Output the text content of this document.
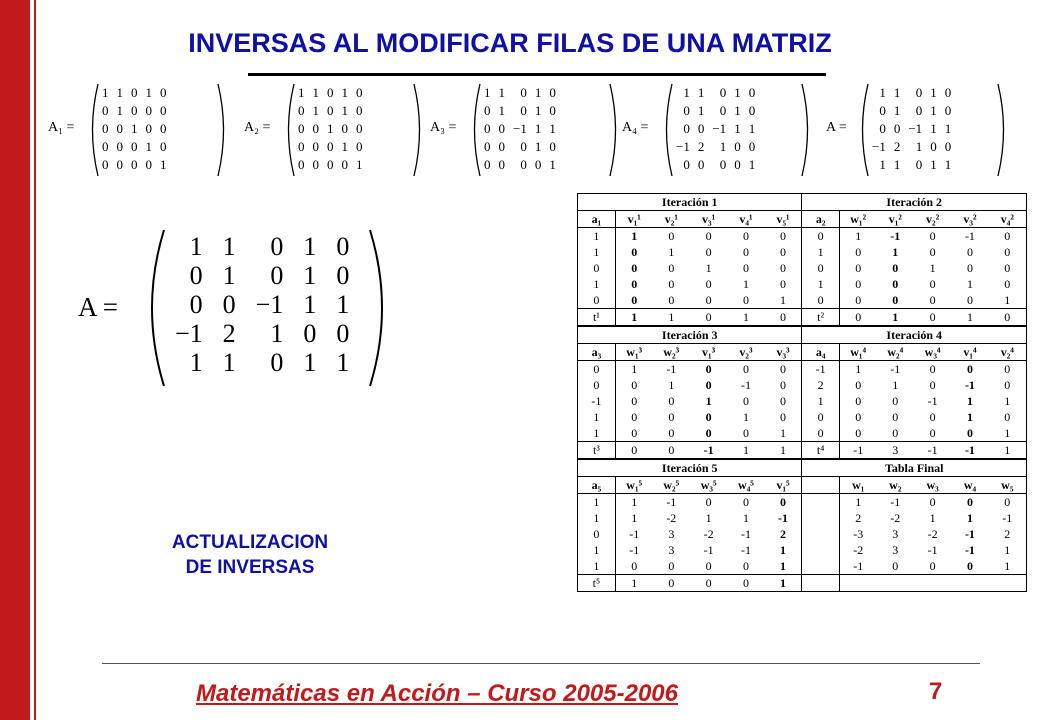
INVERSAS AL MODIFICAR FILAS DE UNA MATRIZ
A₁ =
1	1	0	1	0
0	1	0	0	0
0	0	1	0	0
0	0	0	1	0
0	0	0	0	1
A₂ =
1	1	0	1	0
0	1	0	1	0
0	0	1	0	0
0	0	0	1	0
0	0	0	0	1
A₃ =
1	1	0	1	0
0	1	0	1	0
0	0	−1	1	1
0	0	0	1	0
0	0	0	0	1
A₄ =
1	1	0	1	0
0	1	0	1	0
0	0	−1	1	1
−1	2	1	0	0
0	0	0	0	1
A =
1	1	0	1	0
0	1	0	1	0
0	0	−1	1	1
−1	2	1	0	0
1	1	0	1	1
A =
1	1	0	1	0
0	1	0	1	0
0	0	−1	1	1
−1	2	1	0	0
1	1	0	1	1
ACTUALIZACION
DE INVERSAS
Iteración 1						Iteración 2					
a₁	v₁¹	v₂¹	v₃¹	v₄¹	v₅¹	a₂	w₁²	v₁²	v₂²	v₃²	v₄²
1	1	0	0	0	0	0	1	-1	0	-1	0
1	0	1	0	0	0	1	0	1	0	0	0
0	0	0	1	0	0	0	0	0	1	0	0
1	0	0	0	1	0	1	0	0	0	1	0
0	0	0	0	0	1	0	0	0	0	0	1
t¹	1	1	0	1	0	t²	0	1	0	1	0
Iteración 3						Iteración 4					
a₃	w₁³	w₂³	v₁³	v₂³	v₃³	a₄	w₁⁴	w₂⁴	w₃⁴	v₁⁴	v₂⁴
0	1	-1	0	0	0	-1	1	-1	0	0	0
0	0	1	0	-1	0	2	0	1	0	-1	0
-1	0	0	1	0	0	1	0	0	-1	1	1
1	0	0	0	1	0	0	0	0	0	1	0
1	0	0	0	0	1	0	0	0	0	0	1
t³	0	0	-1	1	1	t⁴	-1	3	-1	-1	1
Iteración 5						Tabla Final					
a₅	w₁⁵	w₂⁵	w₃⁵	w₄⁵	v₁⁵		w₁	w₂	w₃	w₄	w₅
1	1	-1	0	0	0		1	-1	0	0	0
1	1	-2	1	1	-1		2	-2	1	1	-1
0	-1	3	-2	-1	2		-3	3	-2	-1	2
1	-1	3	-1	-1	1		-2	3	-1	-1	1
1	0	0	0	0	1		-1	0	0	0	1
t⁵	1	0	0	0	1						
Matemáticas en Acción – Curso 2005-2006	7
